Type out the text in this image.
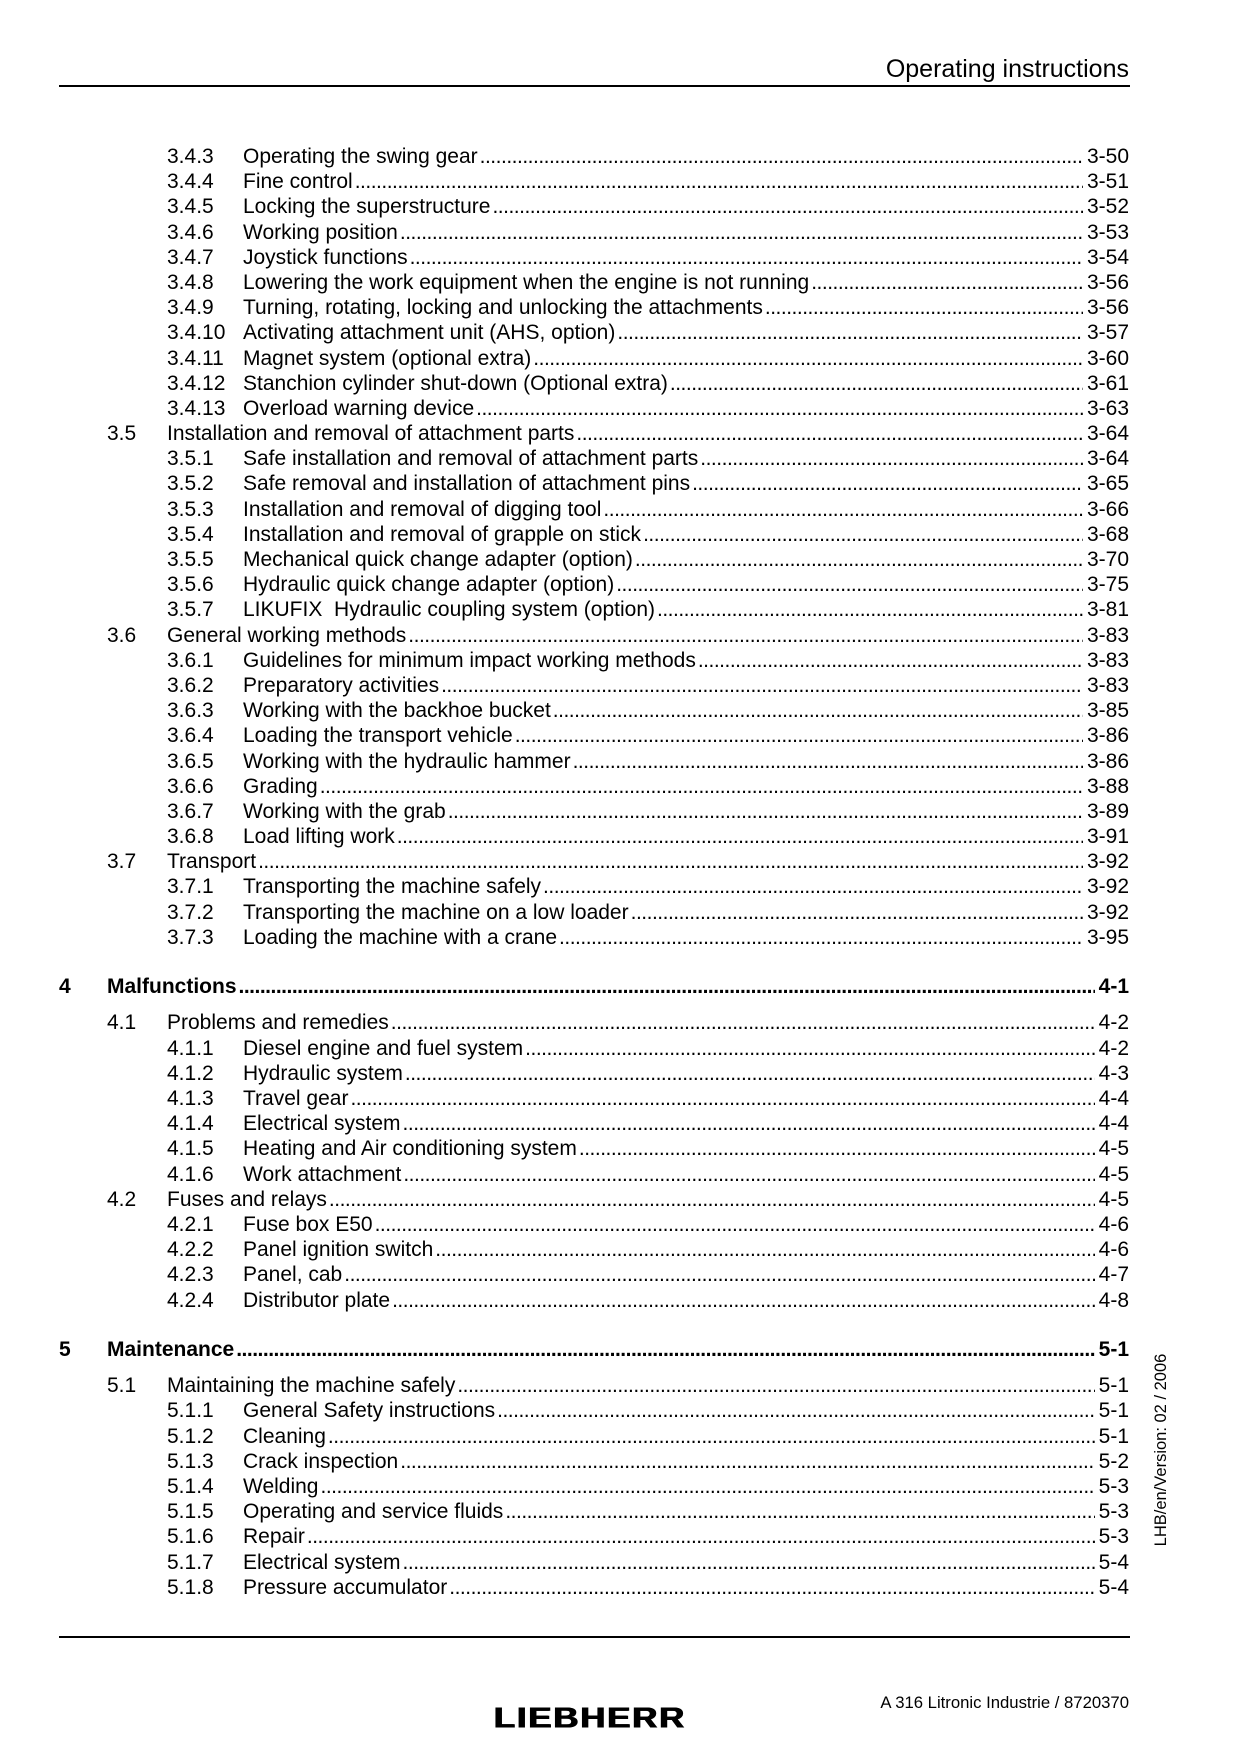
Operating instructions
3.4.3	Operating the swing gear .....	3-50
3.4.4	Fine control .....	3-51
3.4.5	Locking the superstructure .....	3-52
3.4.6	Working position .....	3-53
3.4.7	Joystick functions .....	3-54
3.4.8	Lowering the work equipment when the engine is not running .....	3-56
3.4.9	Turning, rotating, locking and unlocking the attachments .....	3-56
3.4.10 Activating attachment unit (AHS, option) .....	3-57
3.4.11 Magnet system (optional extra) .....	3-60
3.4.12 Stanchion cylinder shut-down (Optional extra) .....	3-61
3.4.13 Overload warning device .....	3-63
3.5	Installation and removal of attachment parts .....	3-64
3.5.1	Safe installation and removal of attachment parts .....	3-64
3.5.2	Safe removal and installation of attachment pins .....	3-65
3.5.3	Installation and removal of digging tool .....	3-66
3.5.4	Installation and removal of grapple on stick .....	3-68
3.5.5	Mechanical quick change adapter (option) .....	3-70
3.5.6	Hydraulic quick change adapter (option) .....	3-75
3.5.7	LIKUFIX  Hydraulic coupling system (option) .....	3-81
3.6	General working methods .....	3-83
3.6.1	Guidelines for minimum impact working methods .....	3-83
3.6.2	Preparatory activities .....	3-83
3.6.3	Working with the backhoe bucket .....	3-85
3.6.4	Loading the transport vehicle .....	3-86
3.6.5	Working with the hydraulic hammer .....	3-86
3.6.6	Grading .....	3-88
3.6.7	Working with the grab .....	3-89
3.6.8	Load lifting work .....	3-91
3.7	Transport .....	3-92
3.7.1	Transporting the machine safely .....	3-92
3.7.2	Transporting the machine on a low loader .....	3-92
3.7.3	Loading the machine with a crane .....	3-95
4	Malfunctions .....	4-1
4.1	Problems and remedies .....	4-2
4.1.1	Diesel engine and fuel system .....	4-2
4.1.2	Hydraulic system .....	4-3
4.1.3	Travel gear .....	4-4
4.1.4	Electrical system .....	4-4
4.1.5	Heating and Air conditioning system .....	4-5
4.1.6	Work attachment .....	4-5
4.2	Fuses and relays .....	4-5
4.2.1	Fuse box E50 .....	4-6
4.2.2	Panel ignition switch .....	4-6
4.2.3	Panel, cab .....	4-7
4.2.4	Distributor plate .....	4-8
5	Maintenance .....	5-1
5.1	Maintaining the machine safely .....	5-1
5.1.1	General Safety instructions .....	5-1
5.1.2	Cleaning .....	5-1
5.1.3	Crack inspection .....	5-2
5.1.4	Welding .....	5-3
5.1.5	Operating and service fluids .....	5-3
5.1.6	Repair .....	5-3
5.1.7	Electrical system .....	5-4
5.1.8	Pressure accumulator .....	5-4
LHB/en/Version: 02 / 2006
A 316 Litronic Industrie / 8720370
LIEBHERR
